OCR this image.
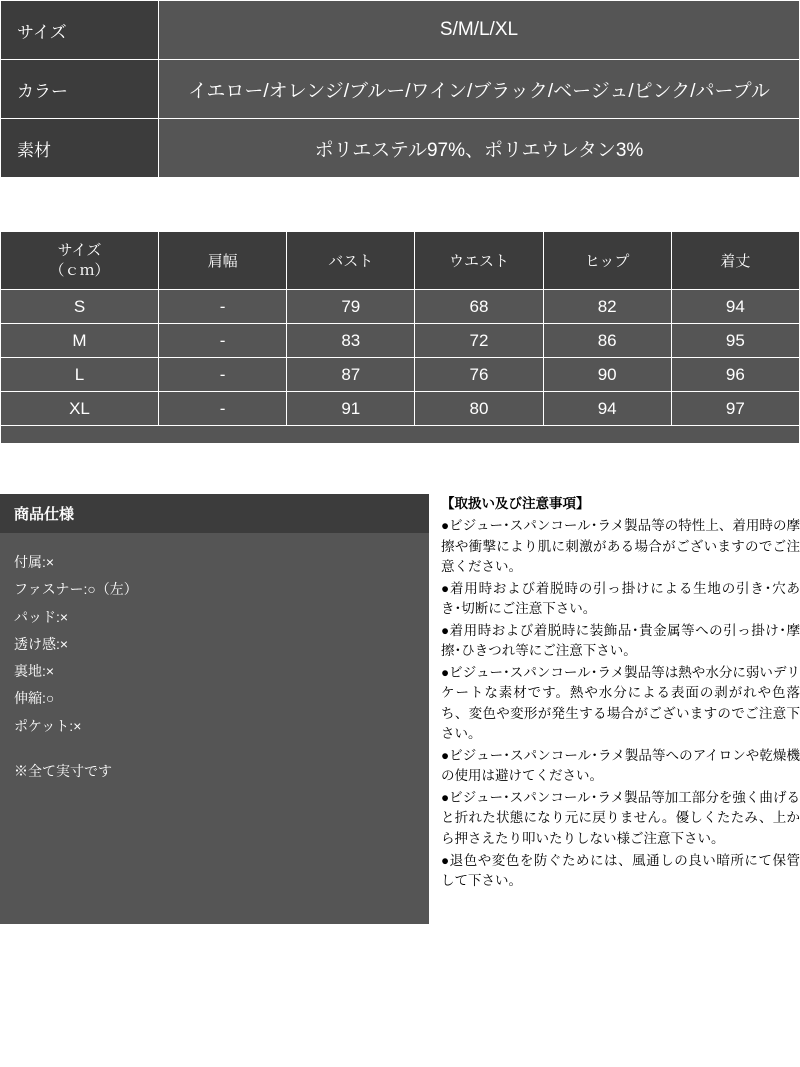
サイズ	S/M/L/XL
カラー	イエロー/オレンジ/ブルー/ワイン/ブラック/ベージュ/ピンク/パープル
素材	ポリエステル97%、ポリエウレタン3%
サイズ
（ｃｍ）	肩幅	バスト	ウエスト	ヒップ	着丈
S	-	79	68	82	94
M	-	83	72	86	95
L	-	87	76	90	96
XL	-	91	80	94	97
商品仕様
付属:×
ファスナー:○（左）
パッド:×
透け感:×
裏地:×
伸縮:○
ポケット:×
※全て実寸です

【取扱い及び注意事項】

●ビジュー･スパンコール･ラメ製品等の特性上、着用時の摩擦や衝撃により肌に刺激がある場合がございますのでご注意ください。

●着用時および着脱時の引っ掛けによる生地の引き･穴あき･切断にご注意下さい。

●着用時および着脱時に装飾品･貴金属等への引っ掛け･摩擦･ひきつれ等にご注意下さい。

●ビジュー･スパンコール･ラメ製品等は熱や水分に弱いデリケートな素材です。熱や水分による表面の剥がれや色落ち、変色や変形が発生する場合がございますのでご注意下さい。

●ビジュー･スパンコール･ラメ製品等へのアイロンや乾燥機の使用は避けてください。

●ビジュー･スパンコール･ラメ製品等加工部分を強く曲げると折れた状態になり元に戻りません。優しくたたみ、上から押さえたり叩いたりしない様ご注意下さい。

●退色や変色を防ぐためには、風通しの良い暗所にて保管して下さい。
